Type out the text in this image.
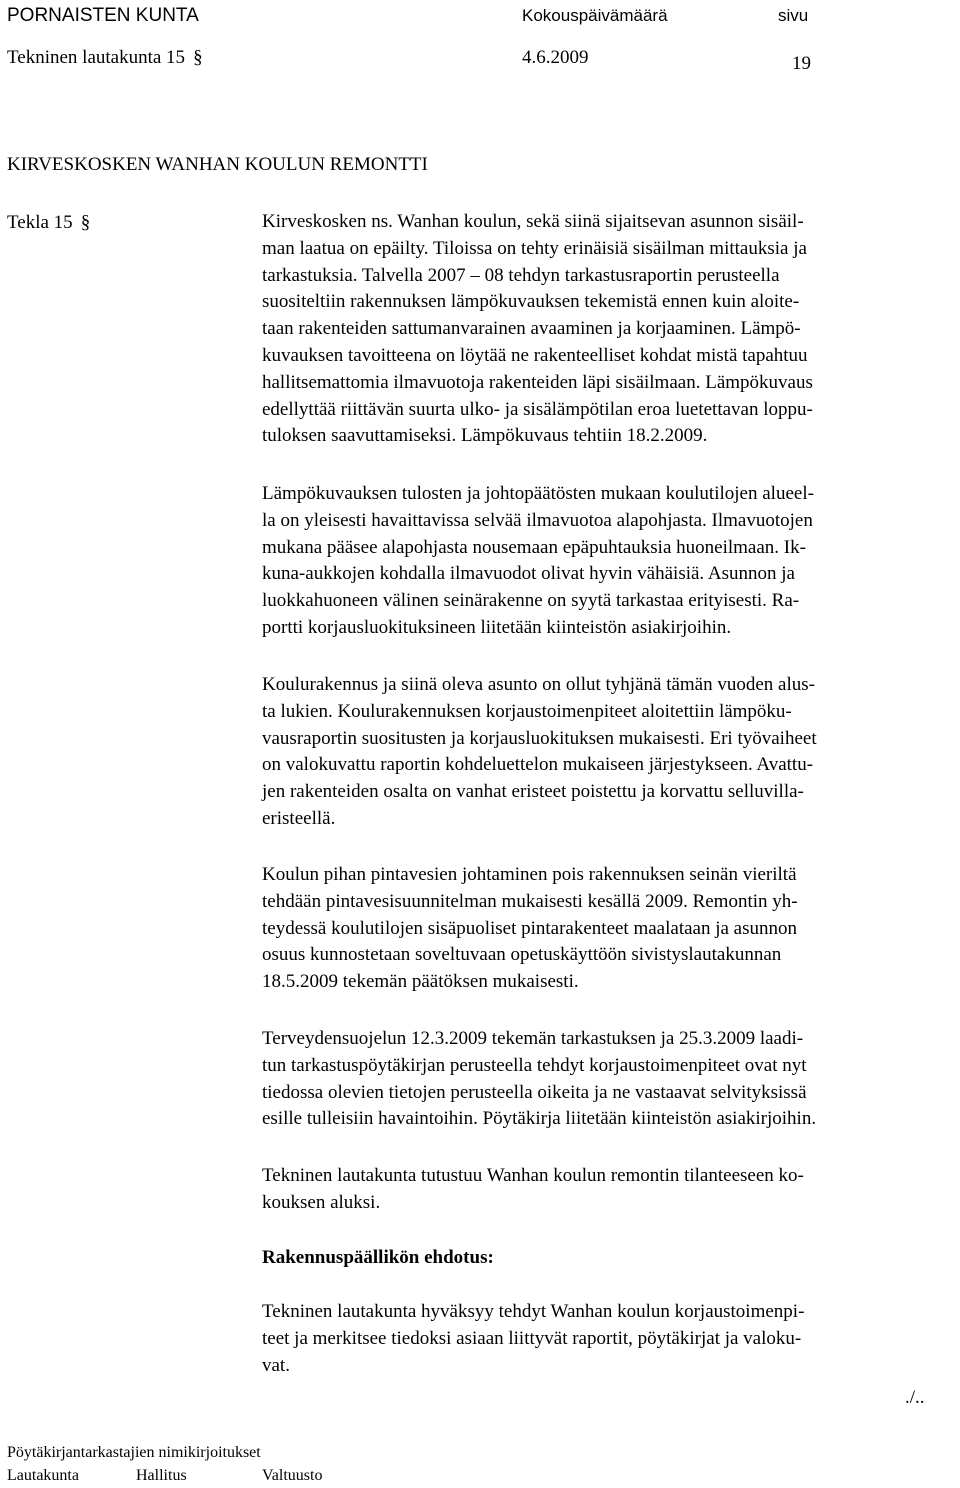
PORNAISTEN KUNTA	Kokouspäivämäärä	sivu
Tekninen lautakunta 15 §	4.6.2009	19
KIRVESKOSKEN WANHAN KOULUN REMONTTI
Tekla 15 §	Kirveskosken ns. Wanhan koulun, sekä siinä sijaitsevan asunnon sisäil-
man laatua on epäilty. Tiloissa on tehty erinäisiä sisäilman mittauksia ja
tarkastuksia. Talvella 2007 – 08 tehdyn tarkastusraportin perusteella
suositeltiin rakennuksen lämpökuvauksen tekemistä ennen kuin aloite-
taan rakenteiden sattumanvarainen avaaminen ja korjaaminen. Lämpö-
kuvauksen tavoitteena on löytää ne rakenteelliset kohdat mistä tapahtuu
hallitsemattomia ilmavuotoja rakenteiden läpi sisäilmaan. Lämpökuvaus
edellyttää riittävän suurta ulko- ja sisälämpötilan eroa luetettavan loppu-
tuloksen saavuttamiseksi. Lämpökuvaus tehtiin 18.2.2009.
Lämpökuvauksen tulosten ja johtopäätösten mukaan koulutilojen alueel-
la on yleisesti havaittavissa selvää ilmavuotoa alapohjasta. Ilmavuotojen
mukana pääsee alapohjasta nousemaan epäpuhtauksia huoneilmaan. Ik-
kuna-aukkojen kohdalla ilmavuodot olivat hyvin vähäisiä. Asunnon ja
luokkahuoneen välinen seinärakenne on syytä tarkastaa erityisesti. Ra-
portti korjausluokituksineen liitetään kiinteistön asiakirjoihin.
Koulurakennus ja siinä oleva asunto on ollut tyhjänä tämän vuoden alus-
ta lukien. Koulurakennuksen korjaustoimenpiteet aloitettiin lämpöku-
vausraportin suositusten ja korjausluokituksen mukaisesti. Eri työvaiheet
on valokuvattu raportin kohdeluettelon mukaiseen järjestykseen. Avattu-
jen rakenteiden osalta on vanhat eristeet poistettu ja korvattu selluvilla-
eristeellä.
Koulun pihan pintavesien johtaminen pois rakennuksen seinän vieriltä
tehdään pintavesisuunnitelman mukaisesti kesällä 2009. Remontin yh-
teydessä koulutilojen sisäpuoliset pintarakenteet maalataan ja asunnon
osuus kunnostetaan soveltuvaan opetuskäyttöön sivistyslautakunnan
18.5.2009 tekemän päätöksen mukaisesti.
Terveydensuojelun 12.3.2009 tekemän tarkastuksen ja 25.3.2009 laadi-
tun tarkastuspöytäkirjan perusteella tehdyt korjaustoimenpiteet ovat nyt
tiedossa olevien tietojen perusteella oikeita ja ne vastaavat selvityksissä
esille tulleisiin havaintoihin. Pöytäkirja liitetään kiinteistön asiakirjoihin.
Tekninen lautakunta tutustuu Wanhan koulun remontin tilanteeseen ko-
kouksen aluksi.
Rakennuspäällikön ehdotus:
Tekninen lautakunta hyväksyy tehdyt Wanhan koulun korjaustoimenpi-
teet ja merkitsee tiedoksi asiaan liittyvät raportit, pöytäkirjat ja valoku-
vat.
./..
Pöytäkirjantarkastajien nimikirjoitukset
Lautakunta	Hallitus	Valtuusto
